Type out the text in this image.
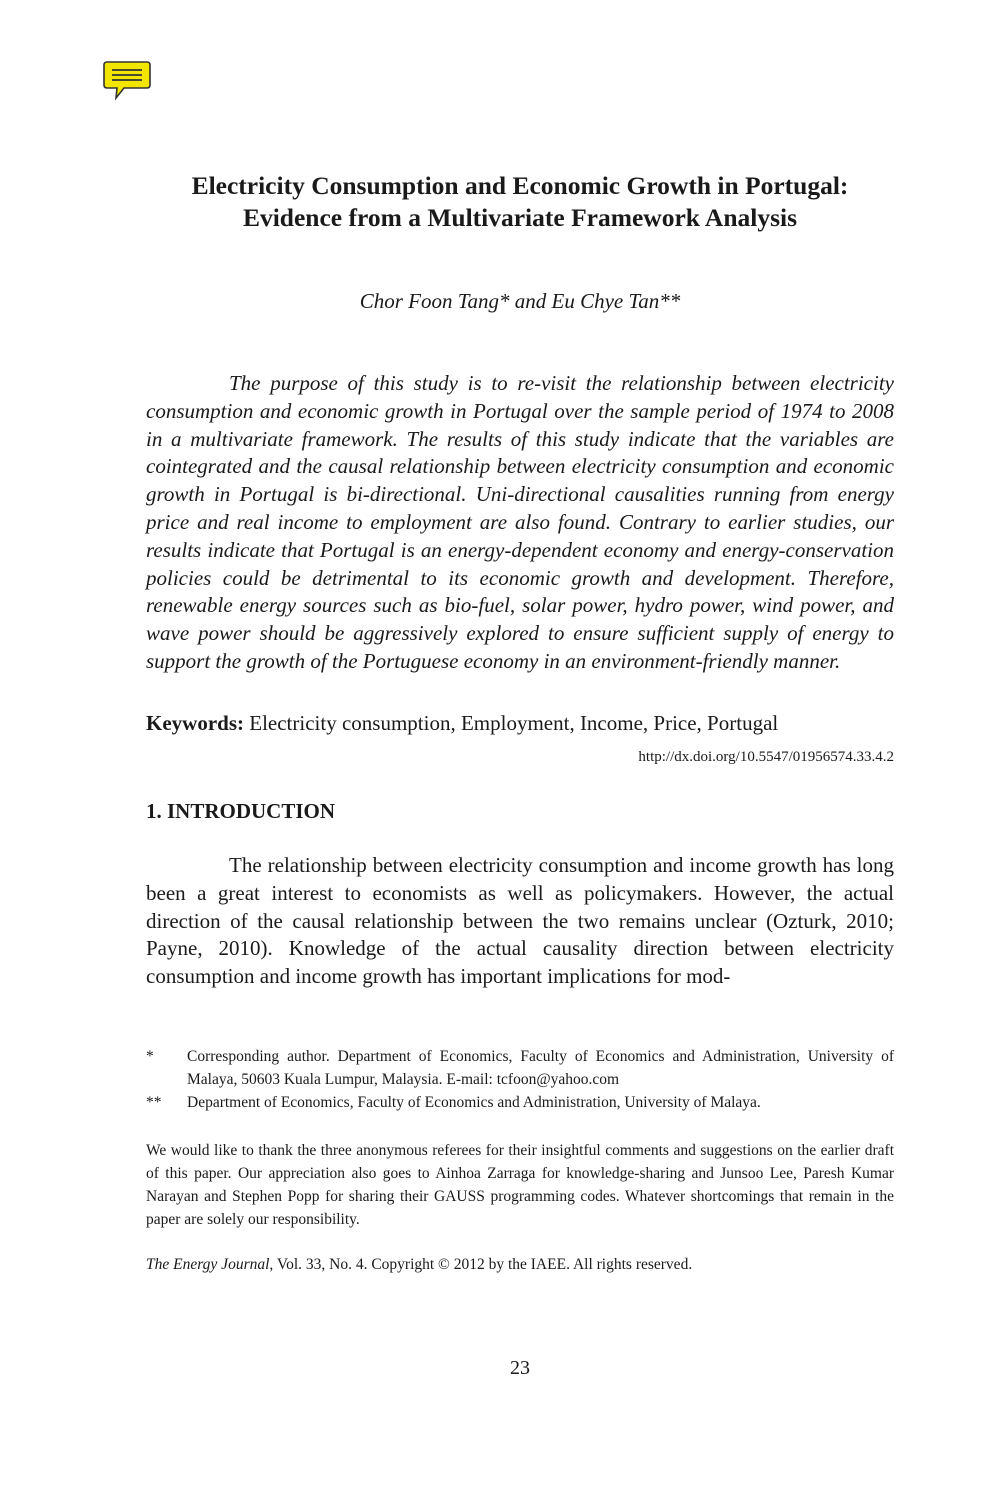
Electricity Consumption and Economic Growth in Portugal:
Evidence from a Multivariate Framework Analysis
Chor Foon Tang* and Eu Chye Tan**

The purpose of this study is to re-visit the relationship between electricity consumption and economic growth in Portugal over the sample period of 1974 to 2008 in a multivariate framework. The results of this study indicate that the variables are cointegrated and the causal relationship between electricity consumption and economic growth in Portugal is bi-directional. Uni-directional causalities running from energy price and real income to employment are also found. Contrary to earlier studies, our results indicate that Portugal is an energy-dependent economy and energy-conservation policies could be detrimental to its economic growth and development. Therefore, renewable energy sources such as bio-fuel, solar power, hydro power, wind power, and wave power should be aggressively explored to ensure sufficient supply of energy to support the growth of the Portuguese economy in an environment-friendly manner.

Keywords: Electricity consumption, Employment, Income, Price, Portugal

http://dx.doi.org/10.5547/01956574.33.4.2
1. INTRODUCTION

The relationship between electricity consumption and income growth has long been a great interest to economists as well as policymakers. However, the actual direction of the causal relationship between the two remains unclear (Ozturk, 2010; Payne, 2010). Knowledge of the actual causality direction between electricity consumption and income growth has important implications for mod-

*	Corresponding author. Department of Economics, Faculty of Economics and Administration, University of Malaya, 50603 Kuala Lumpur, Malaysia. E-mail: tcfoon@yahoo.com
**	Department of Economics, Faculty of Economics and Administration, University of Malaya.

We would like to thank the three anonymous referees for their insightful comments and suggestions on the earlier draft of this paper. Our appreciation also goes to Ainhoa Zarraga for knowledge-sharing and Junsoo Lee, Paresh Kumar Narayan and Stephen Popp for sharing their GAUSS programming codes. Whatever shortcomings that remain in the paper are solely our responsibility.

The Energy Journal, Vol. 33, No. 4. Copyright © 2012 by the IAEE. All rights reserved.

23
